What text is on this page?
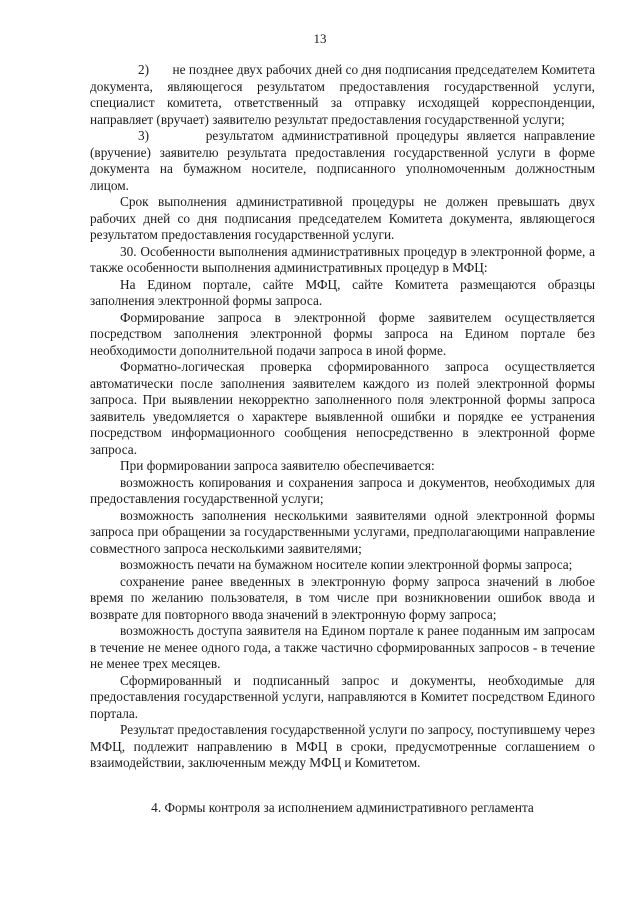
13

2)       не позднее двух рабочих дней со дня подписания председателем Комитета документа, являющегося результатом предоставления государственной услуги, специалист комитета, ответственный за отправку исходящей корреспонденции, направляет (вручает) заявителю результат предоставления государственной услуги;

3)       результатом административной процедуры является направление (вручение) заявителю результата предоставления государственной услуги в форме документа на бумажном носителе, подписанного уполномоченным должностным лицом.

Срок выполнения административной процедуры не должен превышать двух рабочих дней со дня подписания председателем Комитета документа, являющегося результатом предоставления государственной услуги.

30. Особенности выполнения административных процедур в электронной форме, а также особенности выполнения административных процедур в МФЦ:

На Едином портале, сайте МФЦ, сайте Комитета размещаются образцы заполнения электронной формы запроса.

Формирование запроса в электронной форме заявителем осуществляется посредством заполнения электронной формы запроса на Едином портале без необходимости дополнительной подачи запроса в иной форме.

Форматно-логическая проверка сформированного запроса осуществляется автоматически после заполнения заявителем каждого из полей электронной формы запроса. При выявлении некорректно заполненного поля электронной формы запроса заявитель уведомляется о характере выявленной ошибки и порядке ее устранения посредством информационного сообщения непосредственно в электронной форме запроса.

При формировании запроса заявителю обеспечивается:

возможность копирования и сохранения запроса и документов, необходимых для предоставления государственной услуги;

возможность заполнения несколькими заявителями одной электронной формы запроса при обращении за государственными услугами, предполагающими направление совместного запроса несколькими заявителями;

возможность печати на бумажном носителе копии электронной формы запроса;

сохранение ранее введенных в электронную форму запроса значений в любое время по желанию пользователя, в том числе при возникновении ошибок ввода и возврате для повторного ввода значений в электронную форму запроса;

возможность доступа заявителя на Едином портале к ранее поданным им запросам в течение не менее одного года, а также частично сформированных запросов - в течение не менее трех месяцев.

Сформированный и подписанный запрос и документы, необходимые для предоставления государственной услуги, направляются в Комитет посредством Единого портала.

Результат предоставления государственной услуги по запросу, поступившему через МФЦ, подлежит направлению в МФЦ в сроки, предусмотренные соглашением о взаимодействии, заключенным между МФЦ и Комитетом.

4. Формы контроля за исполнением административного регламента
